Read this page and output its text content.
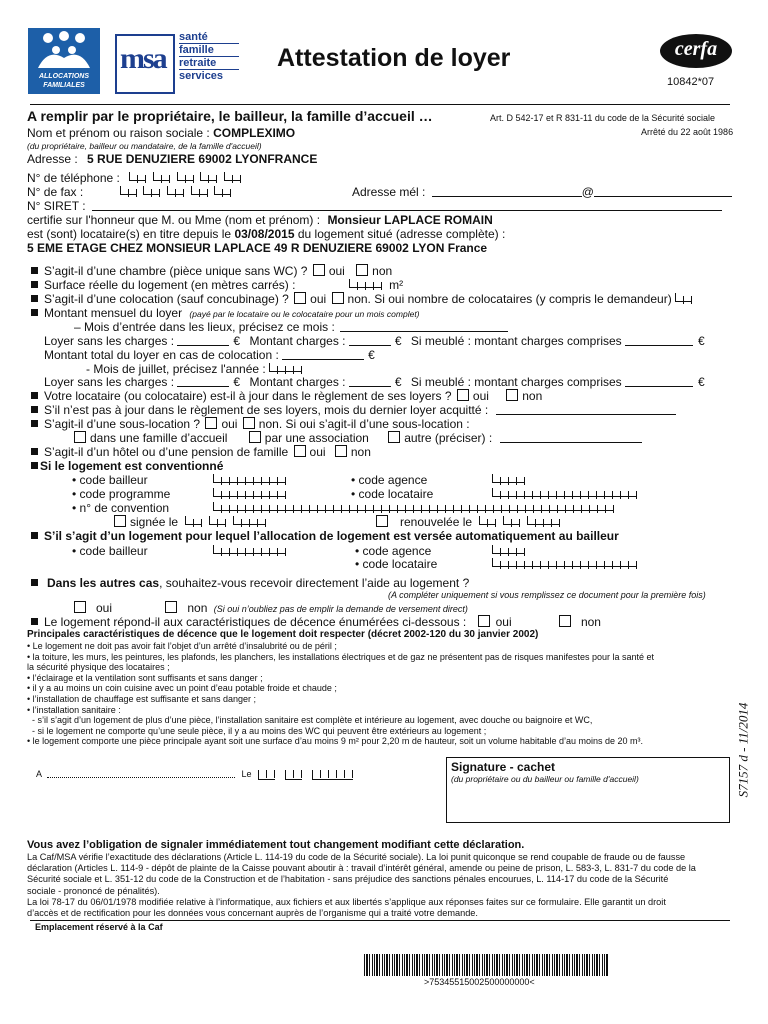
ALLOCATIONS FAMILIALES
msa
santé
famille
retraite
services
Attestation de loyer	cerfa
10842*07
A remplir par le propriétaire, le bailleur, la famille d’accueil …	Art. D 542-17 et R 831-11 du code de la Sécurité sociale
Arrêté du 22 août 1986
Nom et prénom ou raison sociale : COMPLEXIMO
(du propriétaire, bailleur ou mandataire, de la famille d'accueil)
Adresse : 5 RUE DENUZIERE 69002 LYONFRANCE
N° de téléphone :
N° de fax :	Adresse mél :	@
N° SIRET :
certifie sur l'honneur que M. ou Mme (nom et prénom) : Monsieur LAPLACE ROMAIN
est (sont) locataire(s) en titre depuis le 03/08/2015 du logement situé (adresse complète) :
5 EME ETAGE CHEZ MONSIEUR LAPLACE 49 R DENUZIERE 69002 LYON France
S’agit-il d’une chambre (pièce unique sans WC) ? oui non
Surface réelle du logement (en mètres carrés) :	m²
S’agit-il d’une colocation (sauf concubinage) ? oui non. Si oui nombre de colocataires (y compris le demandeur)
Montant mensuel du loyer (payé par le locataire ou le colocataire pour un mois complet)
– Mois d’entrée dans les lieux, précisez ce mois :
Loyer sans les charges :	€ Montant charges :	€ Si meublé : montant charges comprises	€
Montant total du loyer en cas de colocation :	€
- Mois de juillet, précisez l'année :
Loyer sans les charges :	€ Montant charges :	€ Si meublé : montant charges comprises	€
Votre locataire (ou colocataire) est-il à jour dans le règlement de ses loyers ? oui	non
S’il n’est pas à jour dans le règlement de ses loyers, mois du dernier loyer acquitté :
S’agit-il d’une sous-location ? oui non. Si oui s’agit-il d’une sous-location :
dans une famille d’accueil	par une association	autre (préciser) :
S’agit-il d’un hôtel ou d’une pension de famille oui non
Si le logement est conventionné
• code bailleur	• code agence
• code programme	• code locataire
• n° de convention
signée le	renouvelée le
S’il s’agit d’un logement pour lequel l’allocation de logement est versée automatiquement au bailleur
• code bailleur	• code agence
• code locataire
Dans les autres cas, souhaitez-vous recevoir directement l’aide au logement ?
(A compléter uniquement si vous remplissez ce document pour la première fois)
oui	non (Si oui n’oubliez pas de emplir la demande de versement direct)
Le logement répond-il aux caractéristiques de décence énumérées ci-dessous : oui	non
Principales caractéristiques de décence que le logement doit respecter (décret 2002-120 du 30 janvier 2002)
• Le logement ne doit pas avoir fait l’objet d’un arrêté d’insalubrité ou de péril ;
• la toiture, les murs, les peintures, les plafonds, les planchers, les installations électriques et de gaz ne présentent pas de risques manifestes pour la santé et
la sécurité physique des locataires ;
• l’éclairage et la ventilation sont suffisants et sans danger ;
• il y a au moins un coin cuisine avec un point d’eau potable froide et chaude ;
• l’installation de chauffage est suffisante et sans danger ;
• l’installation sanitaire :
- s’il s’agit d’un logement de plus d’une pièce, l’installation sanitaire est complète et intérieure au logement, avec douche ou baignoire et WC,
- si le logement ne comporte qu’une seule pièce, il y a au moins des WC qui peuvent être extérieurs au logement ;
• le logement comporte une pièce principale ayant soit une surface d’au moins 9 m² pour 2,20 m de hauteur, soit un volume habitable d’au moins de 20 m³.	S7157 d - 11/2014
A	Le	Signature - cachet
(du propriétaire ou du bailleur ou famille d'accueil)
Vous avez l’obligation de signaler immédiatement tout changement modifiant cette déclaration.
La Caf/MSA vérifie l’exactitude des déclarations (Article L. 114-19 du code de la Sécurité sociale). La loi punit quiconque se rend coupable de fraude ou de fausse
déclaration (Articles L. 114-9 - dépôt de plainte de la Caisse pouvant aboutir à : travail d’intérêt général, amende ou peine de prison, L. 583-3, L. 831-7 du code de la
Sécurité sociale et L. 351-12 du code de la Construction et de l’habitation - sans préjudice des sanctions pénales encourues, L. 114-17 du code de la Sécurité
sociale - prononcé de pénalités).
La loi 78-17 du 06/01/1978 modifiée relative à l’informatique, aux fichiers et aux libertés s’applique aux réponses faites sur ce formulaire. Elle garantit un droit
d’accès et de rectification pour les données vous concernant auprès de l’organisme qui a traité votre demande.
Emplacement réservé à la Caf
>75345515002500000000<
